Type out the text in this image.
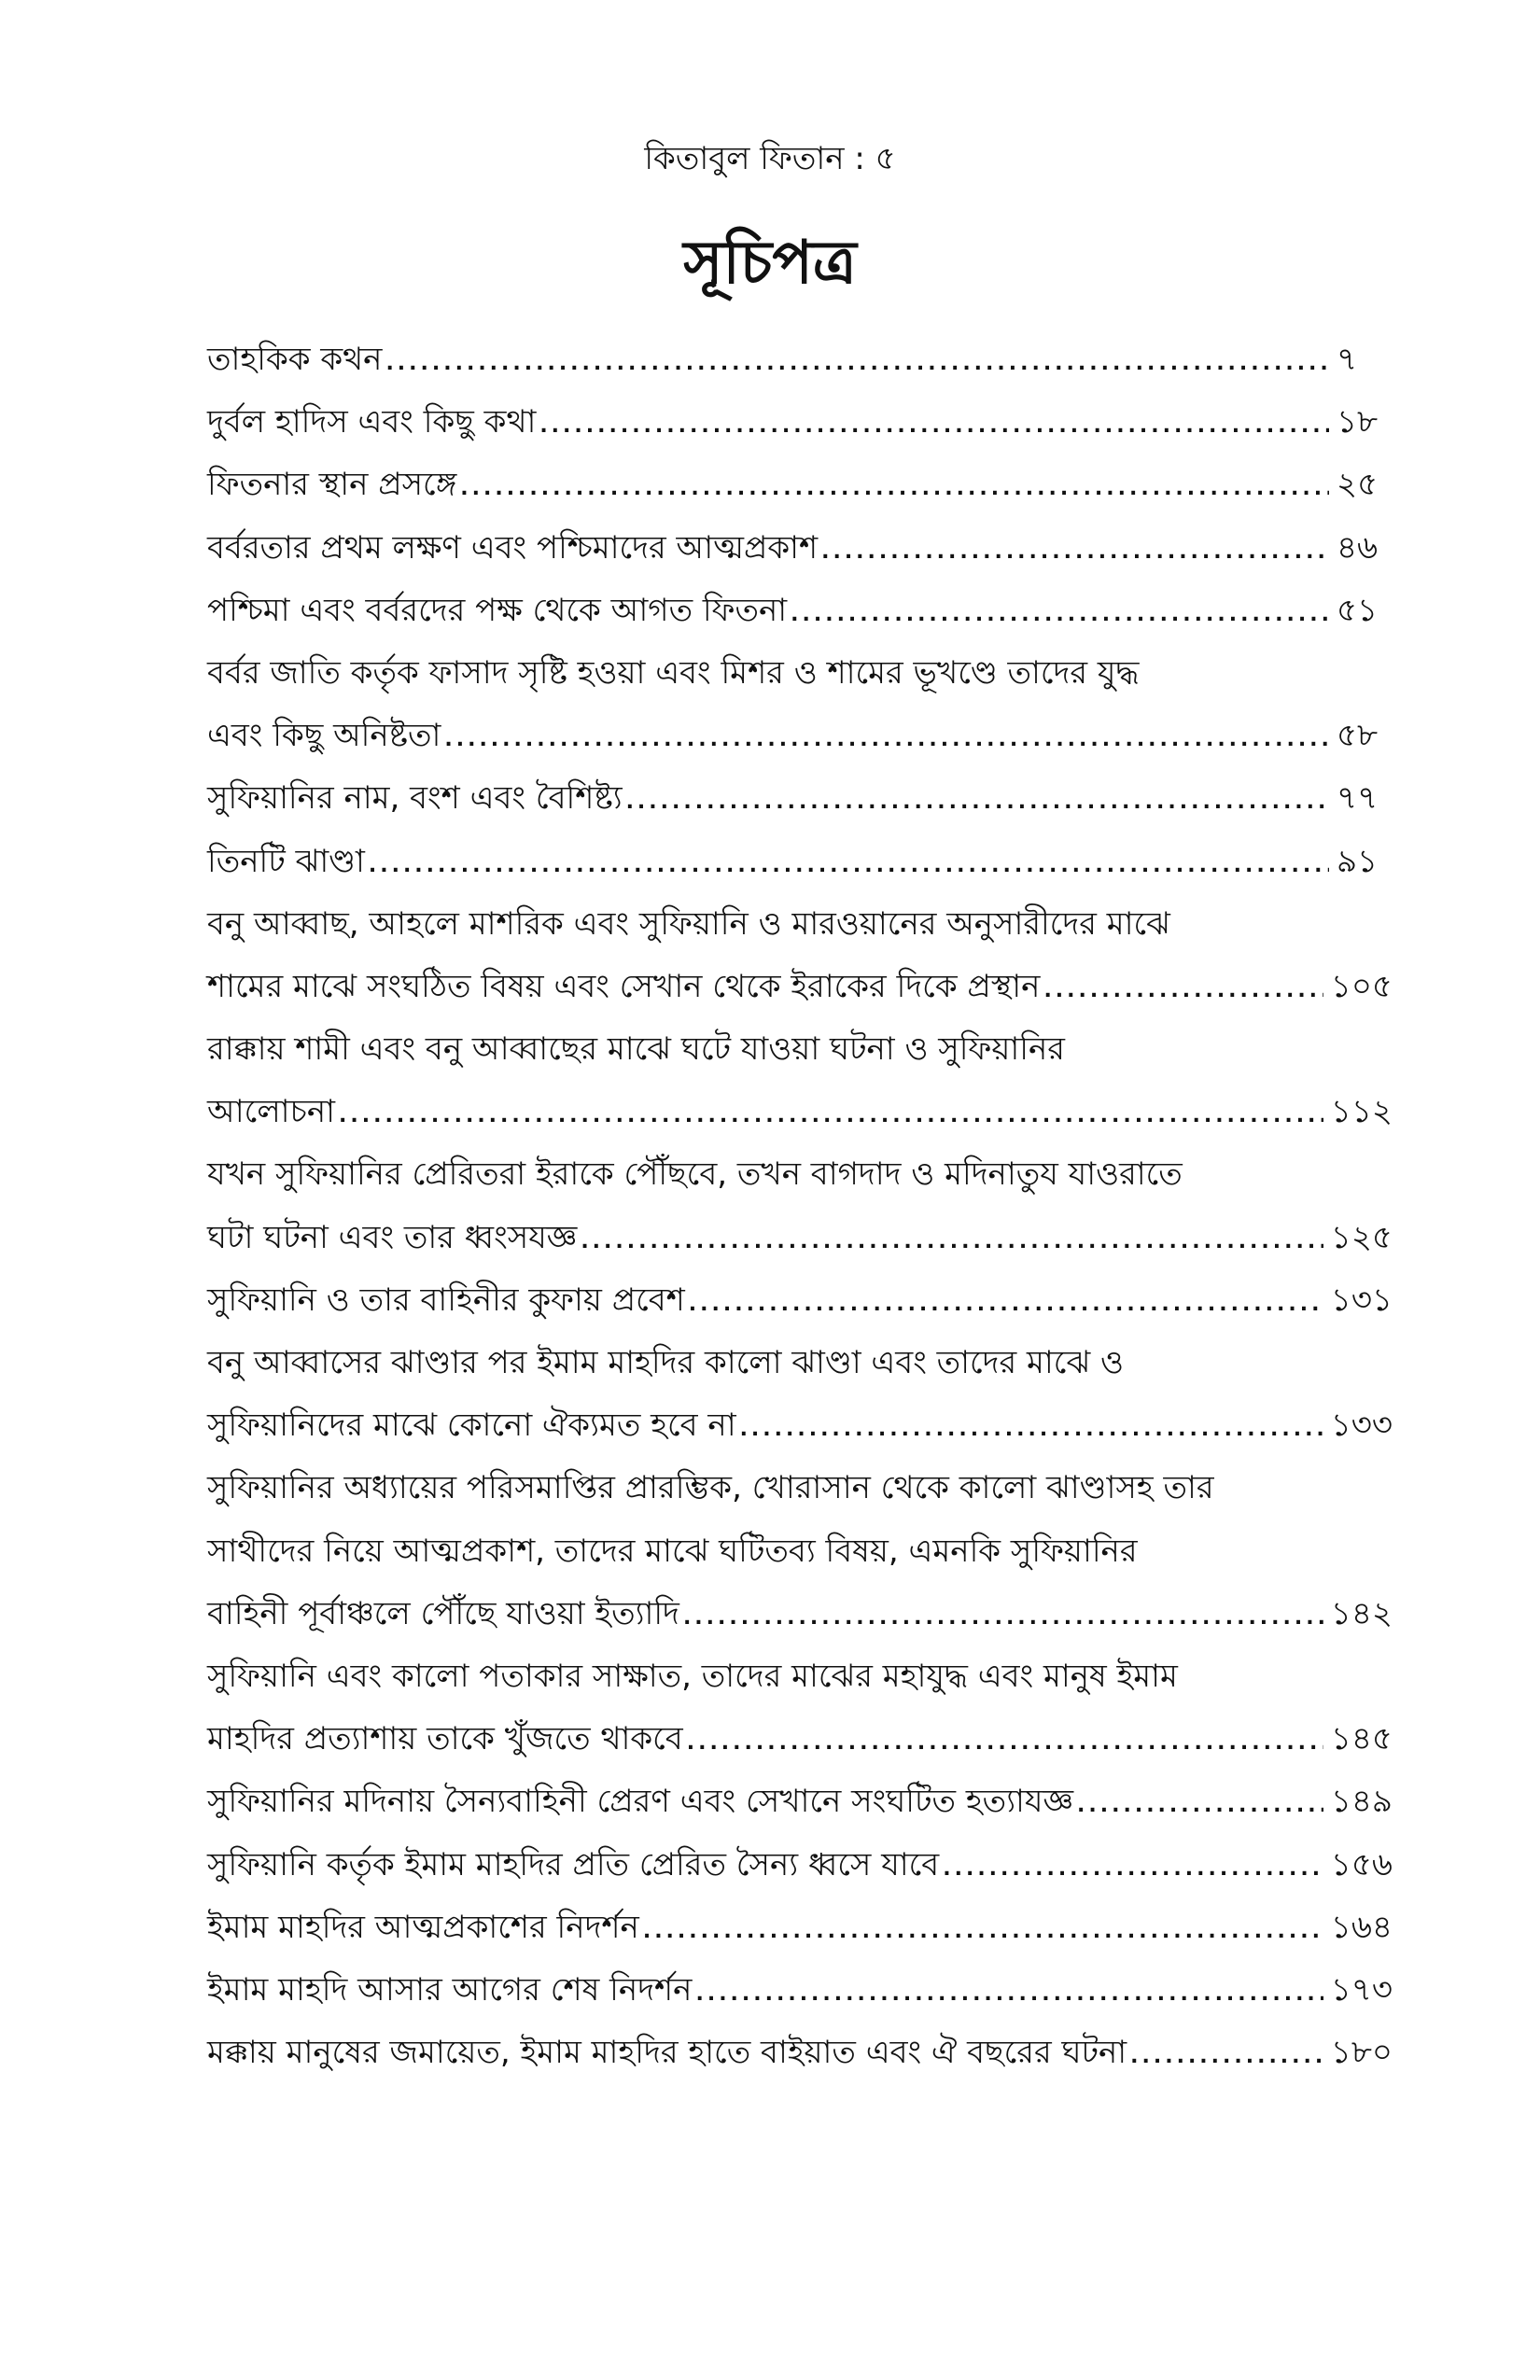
কিতাবুল ফিতান : ৫
সূচিপত্র
তাহকিক কথন .....	৭
দুর্বল হাদিস এবং কিছু কথা .....	১৮
ফিতনার স্থান প্রসঙ্গে .....	২৫
বর্বরতার প্রথম লক্ষণ এবং পশ্চিমাদের আত্মপ্রকাশ .....	৪৬
পশ্চিমা এবং বর্বরদের পক্ষ থেকে আগত ফিতনা .....	৫১
বর্বর জাতি কর্তৃক ফাসাদ সৃষ্টি হওয়া এবং মিশর ও শামের ভূখণ্ডে তাদের যুদ্ধ
এবং কিছু অনিষ্টতা .....	৫৮
সুফিয়ানির নাম, বংশ এবং বৈশিষ্ট্য .....	৭৭
তিনটি ঝাণ্ডা .....	৯১
বনু আব্বাছ, আহলে মাশরিক এবং সুফিয়ানি ও মারওয়ানের অনুসারীদের মাঝে
শামের মাঝে সংঘঠিত বিষয় এবং সেখান থেকে ইরাকের দিকে প্রস্থান .....	১০৫
রাক্কায় শামী এবং বনু আব্বাছের মাঝে ঘটে যাওয়া ঘটনা ও সুফিয়ানির
আলোচনা .....	১১২
যখন সুফিয়ানির প্রেরিতরা ইরাকে পৌঁছবে, তখন বাগদাদ ও মদিনাতুয যাওরাতে
ঘটা ঘটনা এবং তার ধ্বংসযজ্ঞ .....	১২৫
সুফিয়ানি ও তার বাহিনীর কুফায় প্রবেশ .....	১৩১
বনু আব্বাসের ঝাণ্ডার পর ইমাম মাহদির কালো ঝাণ্ডা এবং তাদের মাঝে ও
সুফিয়ানিদের মাঝে কোনো ঐক্যমত হবে না .....	১৩৩
সুফিয়ানির অধ্যায়ের পরিসমাপ্তির প্রারম্ভিক, খোরাসান থেকে কালো ঝাণ্ডাসহ তার
সাথীদের নিয়ে আত্মপ্রকাশ, তাদের মাঝে ঘটিতব্য বিষয়, এমনকি সুফিয়ানির
বাহিনী পূর্বাঞ্চলে পৌঁছে যাওয়া ইত্যাদি .....	১৪২
সুফিয়ানি এবং কালো পতাকার সাক্ষাত, তাদের মাঝের মহাযুদ্ধ এবং মানুষ ইমাম
মাহদির প্রত্যাশায় তাকে খুঁজতে থাকবে .....	১৪৫
সুফিয়ানির মদিনায় সৈন্যবাহিনী প্রেরণ এবং সেখানে সংঘটিত হত্যাযজ্ঞ .....	১৪৯
সুফিয়ানি কর্তৃক ইমাম মাহদির প্রতি প্রেরিত সৈন্য ধ্বসে যাবে .....	১৫৬
ইমাম মাহদির আত্মপ্রকাশের নিদর্শন .....	১৬৪
ইমাম মাহদি আসার আগের শেষ নিদর্শন .....	১৭৩
মক্কায় মানুষের জমায়েত, ইমাম মাহদির হাতে বাইয়াত এবং ঐ বছরের ঘটনা .....	১৮০
